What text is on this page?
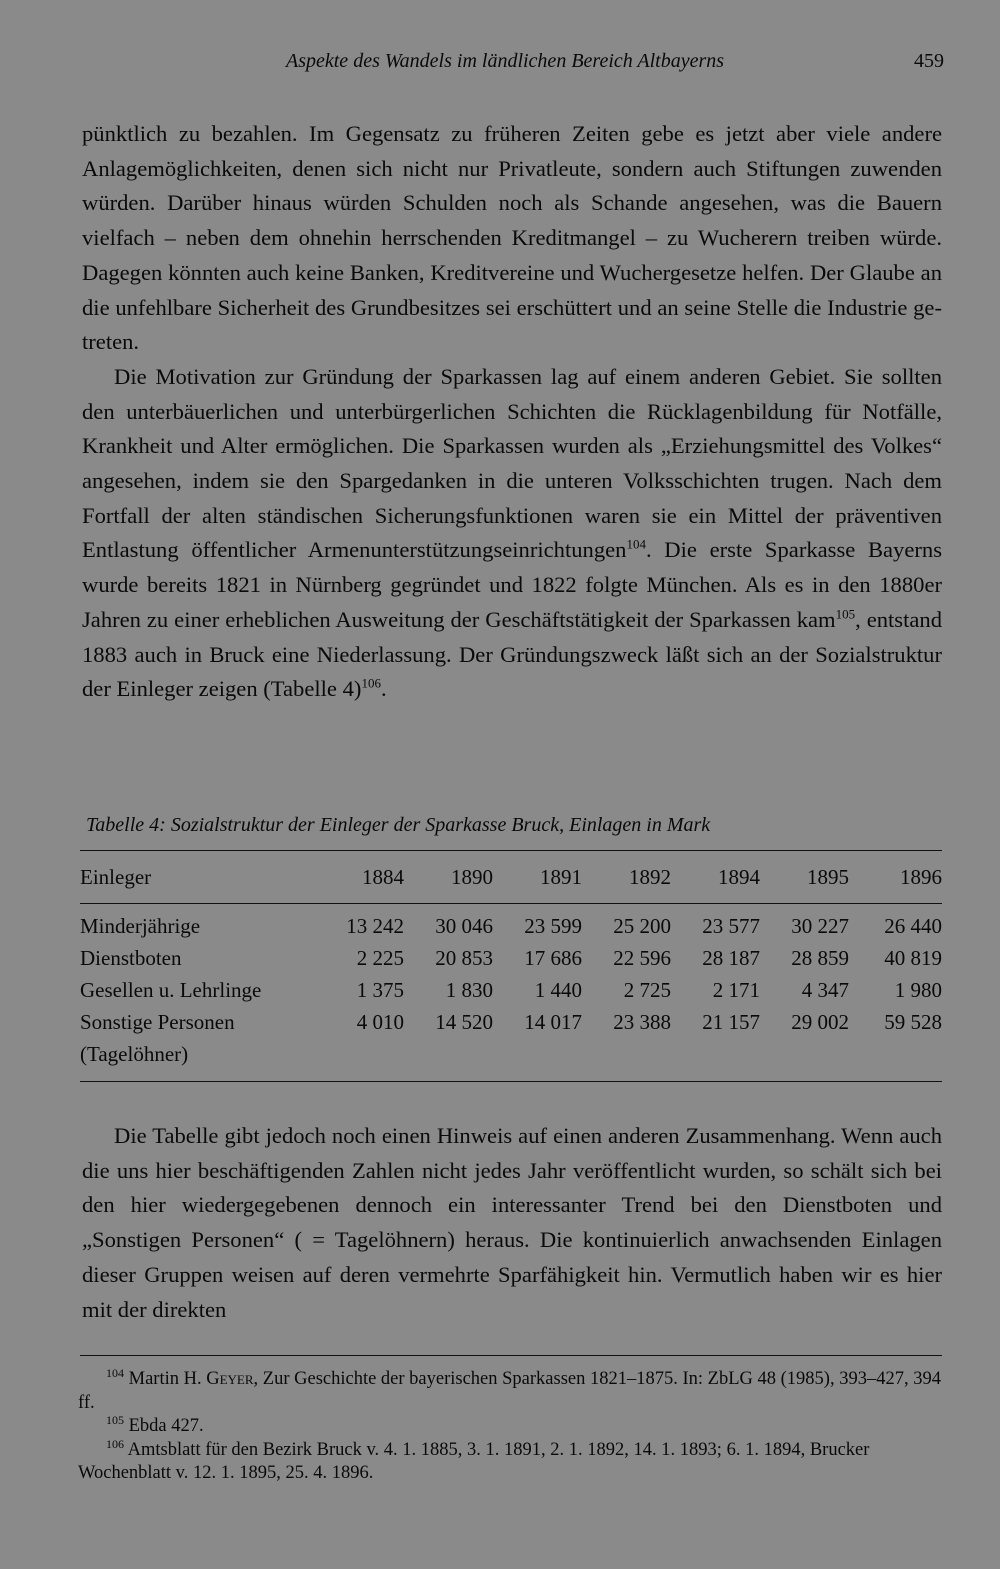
Aspekte des Wandels im ländlichen Bereich Altbayerns	459

pünktlich zu bezahlen. Im Gegensatz zu früheren Zeiten gebe es jetzt aber viele andere Anlagemöglichkeiten, denen sich nicht nur Privatleute, sondern auch Stiftungen zuwenden würden. Darüber hinaus würden Schulden noch als Schande angesehen, was die Bauern vielfach – neben dem ohnehin herrschenden Kreditmangel – zu Wucherern treiben würde. Dagegen könnten auch keine Banken, Kreditvereine und Wuchergesetze helfen. Der Glaube an die unfehlbare Sicherheit des Grundbesitzes sei erschüttert und an seine Stelle die Industrie getreten.

Die Motivation zur Gründung der Sparkassen lag auf einem anderen Gebiet. Sie sollten den unterbäuerlichen und unterbürgerlichen Schichten die Rücklagenbildung für Notfälle, Krankheit und Alter ermöglichen. Die Sparkassen wurden als „Erziehungsmittel des Volkes“ angesehen, indem sie den Spargedanken in die unteren Volksschichten trugen. Nach dem Fortfall der alten ständischen Sicherungsfunktionen waren sie ein Mittel der präventiven Entlastung öffentlicher Armenunterstützungseinrichtungen$^{104}$. Die erste Sparkasse Bayerns wurde bereits 1821 in Nürnberg gegründet und 1822 folgte München. Als es in den 1880er Jahren zu einer erheblichen Ausweitung der Geschäftstätigkeit der Sparkassen kam$^{105}$, entstand 1883 auch in Bruck eine Niederlassung. Der Gründungszweck läßt sich an der Sozialstruktur der Einleger zeigen (Tabelle 4)$^{106}$.

Tabelle 4: Sozialstruktur der Einleger der Sparkasse Bruck, Einlagen in Mark
Einleger	1884	1890	1891	1892	1894	1895	1896
Minderjährige	13 242	30 046	23 599	25 200	23 577	30 227	26 440
Dienstboten	2 225	20 853	17 686	22 596	28 187	28 859	40 819
Gesellen u. Lehrlinge	1 375	1 830	1 440	2 725	2 171	4 347	1 980
Sonstige Personen	4 010	14 520	14 017	23 388	21 157	29 002	59 528
(Tagelöhner)							

Die Tabelle gibt jedoch noch einen Hinweis auf einen anderen Zusammenhang. Wenn auch die uns hier beschäftigenden Zahlen nicht jedes Jahr veröffentlicht wurden, so schält sich bei den hier wiedergegebenen dennoch ein interessanter Trend bei den Dienstboten und „Sonstigen Personen“ ( = Tagelöhnern) heraus. Die kontinuierlich anwachsenden Einlagen dieser Gruppen weisen auf deren vermehrte Sparfähigkeit hin. Vermutlich haben wir es hier mit der direkten

$^{104}$ Martin H. Geyer, Zur Geschichte der bayerischen Sparkassen 1821–1875. In: ZbLG 48 (1985), 393–427, 394 ff.

$^{105}$ Ebda 427.

$^{106}$ Amtsblatt für den Bezirk Bruck v. 4. 1. 1885, 3. 1. 1891, 2. 1. 1892, 14. 1. 1893; 6. 1. 1894, Brucker Wochenblatt v. 12. 1. 1895, 25. 4. 1896.
